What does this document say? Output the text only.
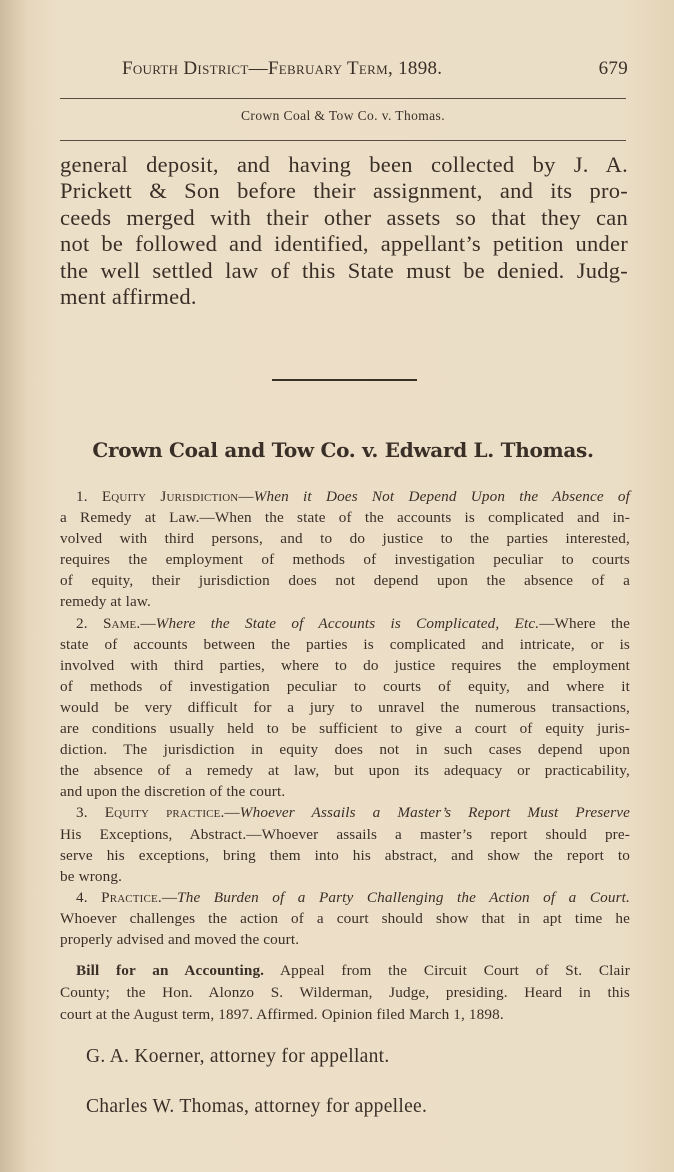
Fourth District—February Term, 1898.	679
Crown Coal & Tow Co. v. Thomas.
general deposit, and having been collected by J. A.
Prickett & Son before their assignment, and its pro-
ceeds merged with their other assets so that they can
not be followed and identified, appellant’s petition under
the well settled law of this State must be denied. Judg-
ment affirmed.
Crown Coal and Tow Co. v. Edward L. Thomas.
1. Equity Jurisdiction—When it Does Not Depend Upon the Absence of
a Remedy at Law.—When the state of the accounts is complicated and in-
volved with third persons, and to do justice to the parties interested,
requires the employment of methods of investigation peculiar to courts
of equity, their jurisdiction does not depend upon the absence of a
remedy at law.
2. Same.—Where the State of Accounts is Complicated, Etc.—Where the
state of accounts between the parties is complicated and intricate, or is
involved with third parties, where to do justice requires the employment
of methods of investigation peculiar to courts of equity, and where it
would be very difficult for a jury to unravel the numerous transactions,
are conditions usually held to be sufficient to give a court of equity juris-
diction. The jurisdiction in equity does not in such cases depend upon
the absence of a remedy at law, but upon its adequacy or practicability,
and upon the discretion of the court.
3. Equity practice.—Whoever Assails a Master’s Report Must Preserve
His Exceptions, Abstract.—Whoever assails a master’s report should pre-
serve his exceptions, bring them into his abstract, and show the report to
be wrong.
4. Practice.—The Burden of a Party Challenging the Action of a Court.
Whoever challenges the action of a court should show that in apt time he
properly advised and moved the court.
Bill for an Accounting. Appeal from the Circuit Court of St. Clair
County; the Hon. Alonzo S. Wilderman, Judge, presiding. Heard in this
court at the August term, 1897. Affirmed. Opinion filed March 1, 1898.
G. A. Koerner, attorney for appellant.
Charles W. Thomas, attorney for appellee.
